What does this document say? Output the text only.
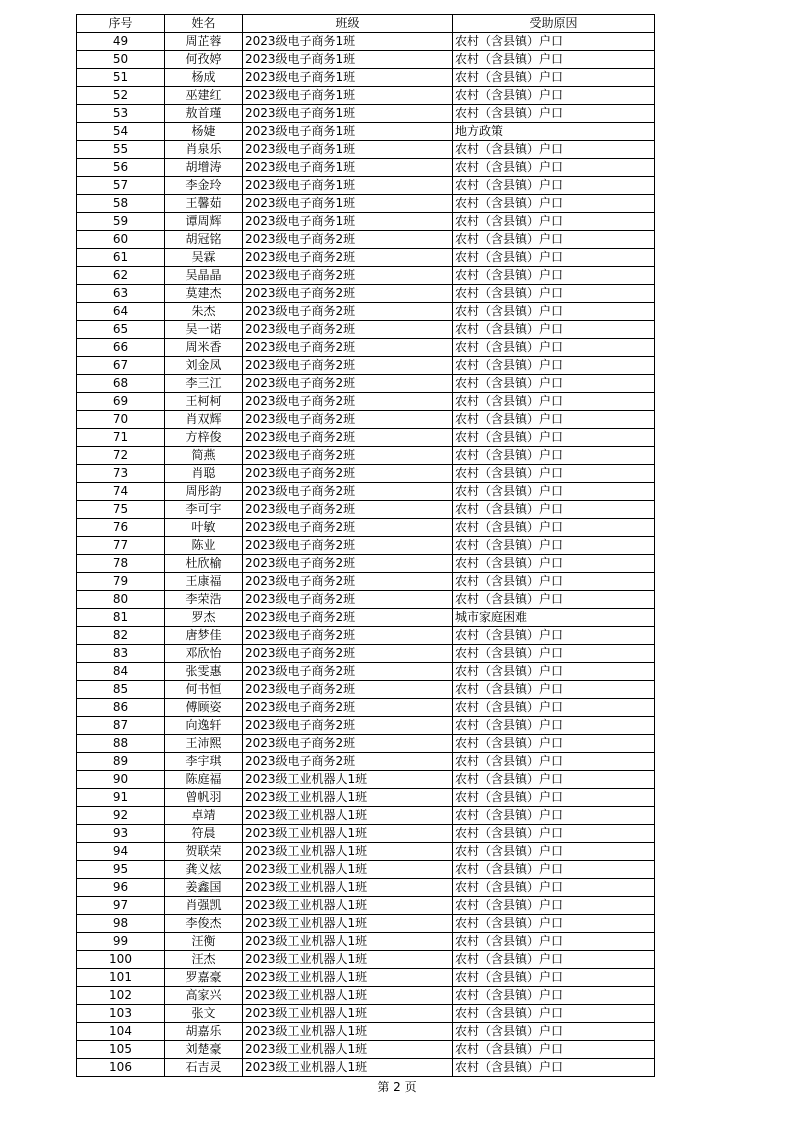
序号	姓名	班级	受助原因
49	周芷蓉	2023级电子商务1班	农村（含县镇）户口
50	何孜婷	2023级电子商务1班	农村（含县镇）户口
51	杨成	2023级电子商务1班	农村（含县镇）户口
52	巫建红	2023级电子商务1班	农村（含县镇）户口
53	敖首瑾	2023级电子商务1班	农村（含县镇）户口
54	杨婕	2023级电子商务1班	地方政策
55	肖泉乐	2023级电子商务1班	农村（含县镇）户口
56	胡增涛	2023级电子商务1班	农村（含县镇）户口
57	李金玲	2023级电子商务1班	农村（含县镇）户口
58	王馨茹	2023级电子商务1班	农村（含县镇）户口
59	谭周辉	2023级电子商务1班	农村（含县镇）户口
60	胡冠铭	2023级电子商务2班	农村（含县镇）户口
61	吴霖	2023级电子商务2班	农村（含县镇）户口
62	吴晶晶	2023级电子商务2班	农村（含县镇）户口
63	莫建杰	2023级电子商务2班	农村（含县镇）户口
64	朱杰	2023级电子商务2班	农村（含县镇）户口
65	吴一诺	2023级电子商务2班	农村（含县镇）户口
66	周米香	2023级电子商务2班	农村（含县镇）户口
67	刘金凤	2023级电子商务2班	农村（含县镇）户口
68	李三江	2023级电子商务2班	农村（含县镇）户口
69	王柯柯	2023级电子商务2班	农村（含县镇）户口
70	肖双辉	2023级电子商务2班	农村（含县镇）户口
71	方梓俊	2023级电子商务2班	农村（含县镇）户口
72	简燕	2023级电子商务2班	农村（含县镇）户口
73	肖聪	2023级电子商务2班	农村（含县镇）户口
74	周彤韵	2023级电子商务2班	农村（含县镇）户口
75	李可宇	2023级电子商务2班	农村（含县镇）户口
76	叶敏	2023级电子商务2班	农村（含县镇）户口
77	陈业	2023级电子商务2班	农村（含县镇）户口
78	杜欣榆	2023级电子商务2班	农村（含县镇）户口
79	王康福	2023级电子商务2班	农村（含县镇）户口
80	李荣浩	2023级电子商务2班	农村（含县镇）户口
81	罗杰	2023级电子商务2班	城市家庭困难
82	唐梦佳	2023级电子商务2班	农村（含县镇）户口
83	邓欣怡	2023级电子商务2班	农村（含县镇）户口
84	张雯惠	2023级电子商务2班	农村（含县镇）户口
85	何书恒	2023级电子商务2班	农村（含县镇）户口
86	傅顾姿	2023级电子商务2班	农村（含县镇）户口
87	向逸轩	2023级电子商务2班	农村（含县镇）户口
88	王沛熙	2023级电子商务2班	农村（含县镇）户口
89	李宇琪	2023级电子商务2班	农村（含县镇）户口
90	陈庭福	2023级工业机器人1班	农村（含县镇）户口
91	曾帆羽	2023级工业机器人1班	农村（含县镇）户口
92	卓靖	2023级工业机器人1班	农村（含县镇）户口
93	符晨	2023级工业机器人1班	农村（含县镇）户口
94	贺联荣	2023级工业机器人1班	农村（含县镇）户口
95	龚义炫	2023级工业机器人1班	农村（含县镇）户口
96	姜鑫国	2023级工业机器人1班	农村（含县镇）户口
97	肖强凯	2023级工业机器人1班	农村（含县镇）户口
98	李俊杰	2023级工业机器人1班	农村（含县镇）户口
99	汪衡	2023级工业机器人1班	农村（含县镇）户口
100	汪杰	2023级工业机器人1班	农村（含县镇）户口
101	罗嘉豪	2023级工业机器人1班	农村（含县镇）户口
102	高家兴	2023级工业机器人1班	农村（含县镇）户口
103	张文	2023级工业机器人1班	农村（含县镇）户口
104	胡嘉乐	2023级工业机器人1班	农村（含县镇）户口
105	刘楚豪	2023级工业机器人1班	农村（含县镇）户口
106	石吉灵	2023级工业机器人1班	农村（含县镇）户口
第 2 页
